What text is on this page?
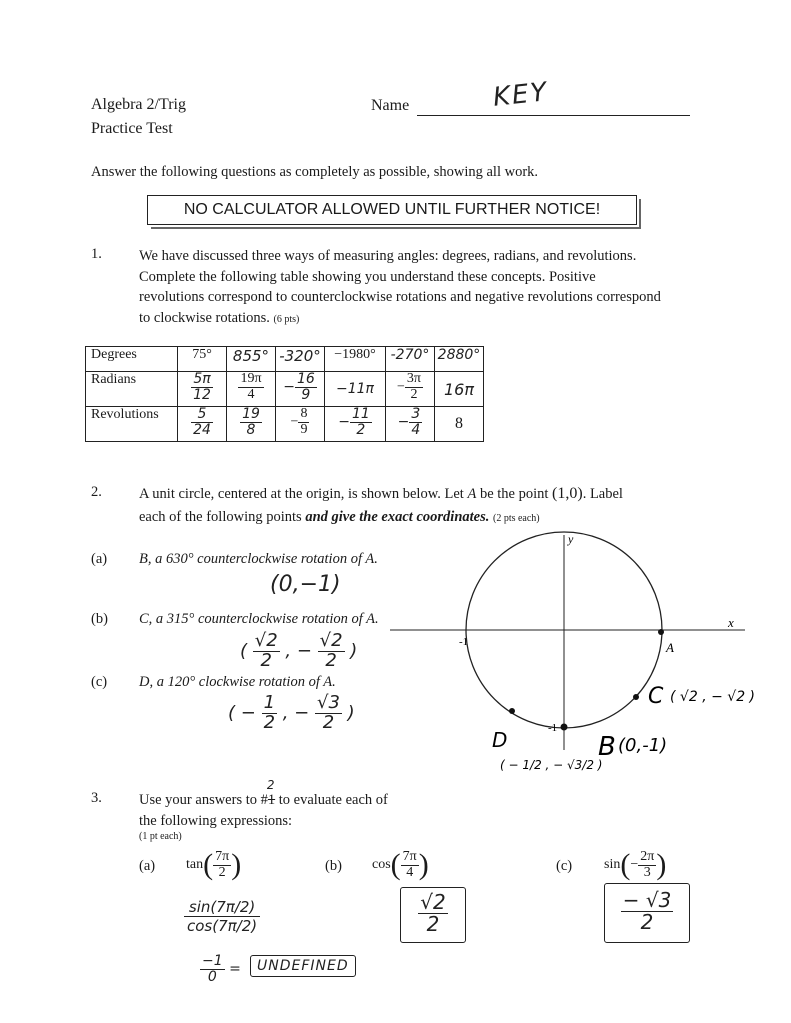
Algebra 2/Trig
Practice Test
Name	KEY
Answer the following questions as completely as possible, showing all work.
NO CALCULATOR ALLOWED UNTIL FURTHER NOTICE!
1.	We have discussed three ways of measuring angles: degrees, radians, and revolutions.
Complete the following table showing you understand these concepts. Positive
revolutions correspond to counterclockwise rotations and negative revolutions correspond
to clockwise rotations. (6 pts)
Degrees	75°	855°	-320°	−1980°	-270°	2880°
Radians	$\frac{5\pi}{12}$	$\frac{19\pi}{4}$	− $\frac{16}{9}$	−11π	− $\frac{3\pi}{2}$	16π
Revolutions	$\frac{5}{24}$	$\frac{19}{8}$	− $\frac{8}{9}$	− $\frac{11}{2}$	− $\frac{3}{4}$	8
2.	A unit circle, centered at the origin, is shown below. Let A be the point (1,0). Label
each of the following points and give the exact coordinates. (2 pts each)
(a) B, a 630° counterclockwise rotation of A.
(0,−1)
(b) C, a 315° counterclockwise rotation of A.
( $\frac{√2}{2}$ , − $\frac{√2}{2}$ )
(c) D, a 120° clockwise rotation of A.
( − $\frac{1}{2}$ , − $\frac{√3}{2}$ )
x
y
-1
-1
A
C ( √2 , − √2 )
B (0,-1)
D
( − 1/2 , − √3/2 )
3.	Use your answers to #1
2
to evaluate each of
the following expressions:
(1 pt each)
(a) $\tan( \frac{7\pi}{2}$ )
sin(7π/2)
cos(7π/2)
$\frac{-1}{0}$ =	UNDEFINED
(b) $\cos( \frac{7\pi}{4}$ )
$\frac{√2}{2}$
(c) $\sin(- \frac{2\pi}{3}$ )
$\frac{- √3}{2}$
